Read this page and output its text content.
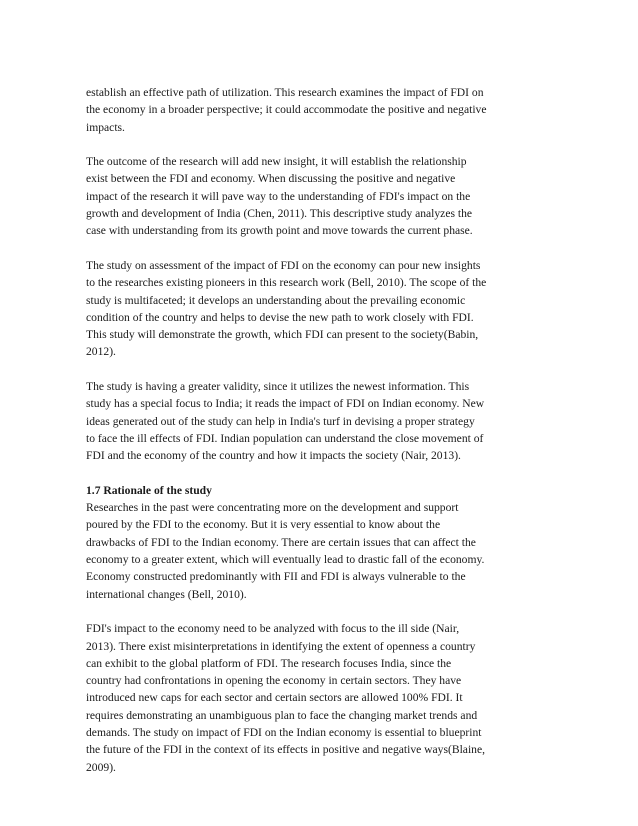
establish an effective path of utilization. This research examines the impact of FDI on
the economy in a broader perspective; it could accommodate the positive and negative
impacts.
The outcome of the research will add new insight, it will establish the relationship
exist between the FDI and economy. When discussing the positive and negative
impact of the research it will pave way to the understanding of FDI's impact on the
growth and development of India (Chen, 2011). This descriptive study analyzes the
case with understanding from its growth point and move towards the current phase.
The study on assessment of the impact of FDI on the economy can pour new insights
to the researches existing pioneers in this research work (Bell, 2010). The scope of the
study is multifaceted; it develops an understanding about the prevailing economic
condition of the country and helps to devise the new path to work closely with FDI.
This study will demonstrate the growth, which FDI can present to the society(Babin,
2012).
The study is having a greater validity, since it utilizes the newest information. This
study has a special focus to India; it reads the impact of FDI on Indian economy. New
ideas generated out of the study can help in India's turf in devising a proper strategy
to face the ill effects of FDI. Indian population can understand the close movement of
FDI and the economy of the country and how it impacts the society (Nair, 2013).
1.7 Rationale of the study
Researches in the past were concentrating more on the development and support
poured by the FDI to the economy. But it is very essential to know about the
drawbacks of FDI to the Indian economy. There are certain issues that can affect the
economy to a greater extent, which will eventually lead to drastic fall of the economy.
Economy constructed predominantly with FII and FDI is always vulnerable to the
international changes (Bell, 2010).
FDI's impact to the economy need to be analyzed with focus to the ill side (Nair,
2013). There exist misinterpretations in identifying the extent of openness a country
can exhibit to the global platform of FDI. The research focuses India, since the
country had confrontations in opening the economy in certain sectors. They have
introduced new caps for each sector and certain sectors are allowed 100% FDI. It
requires demonstrating an unambiguous plan to face the changing market trends and
demands. The study on impact of FDI on the Indian economy is essential to blueprint
the future of the FDI in the context of its effects in positive and negative ways(Blaine,
2009).
